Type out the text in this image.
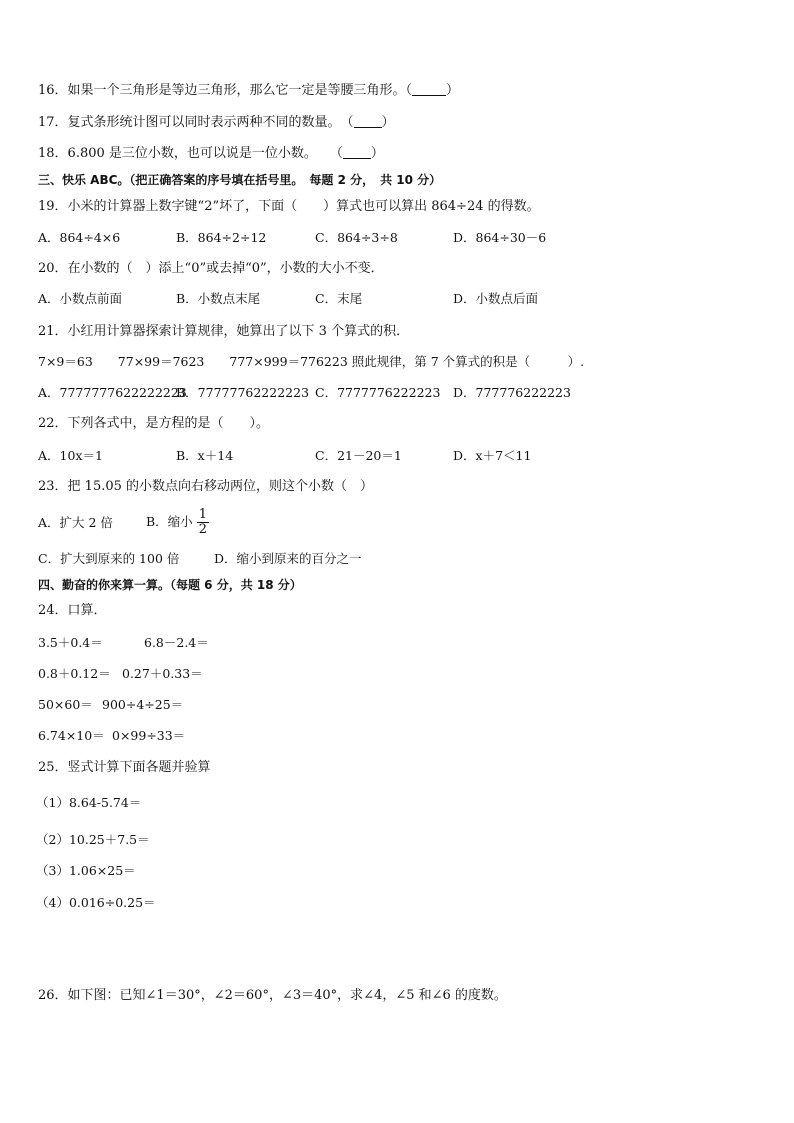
16．如果一个三角形是等边三角形，那么它一定是等腰三角形。（	）
17．复式条形统计图可以同时表示两种不同的数量。　（ ）
18．6.800 是三位小数，也可以说是一位小数。　　（ ）
三、快乐 ABC。（把正确答案的序号填在括号里。　每题 2 分，　共 10 分）
19．小米的计算器上数字键“2”坏了，下面（　　）算式也可以算出 864÷24 的得数。
A．864÷4×6	B．864÷2÷12	C．864÷3÷8	D．864÷30－6
20．在小数的（　）添上“0”或去掉“0”，小数的大小不变．
A．小数点前面	B．小数点末尾	C．末尾	D．小数点后面
21．小红用计算器探索计算规律，她算出了以下 3 个算式的积．
7×9＝63　　77×99＝7623　　777×999＝776223 照此规律，第 7 个算式的积是（　　　）.
A．7777777622222223
B．77777762222223 C．7777776222223 D．777776222223
22．下列各式中，是方程的是（　　）。
A．10x＝1	B．x＋14	C．21－20＝1	D．x＋7＜11
23．把 15.05 的小数点向右移动两位，则这个小数（　）
A．扩大 2 倍	B．缩小 $\frac{1}{2}$
C．扩大到原来的 100 倍	D．缩小到原来的百分之一
四、勤奋的你来算一算。（每题 6 分，共 18 分）
24．口算．
3.5＋0.4＝	6.8－2.4＝
0.8＋0.12＝ 0.27＋0.33＝
50×60＝ 900÷4÷25＝
6.74×10＝ 0×99÷33＝
25．竖式计算下面各题并验算
（1）8.64-5.74＝
（2）10.25＋7.5＝
（3）1.06×25＝
（4）0.016÷0.25＝
26．如下图：已知∠1＝30°，∠2＝60°，∠3＝40°，求∠4，∠5 和∠6 的度数。
